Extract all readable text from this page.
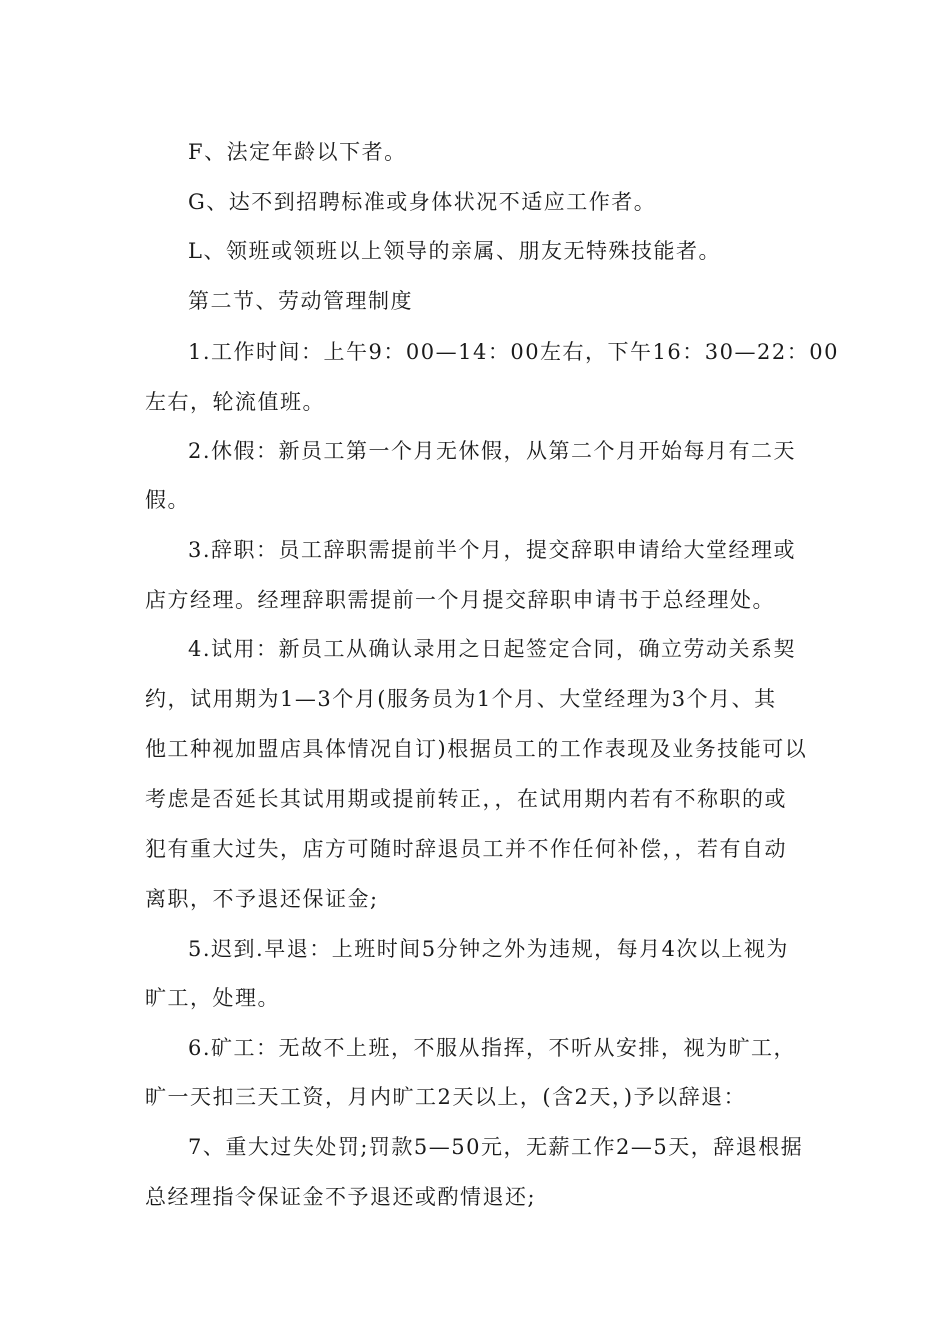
F、法定年龄以下者。
G、达不到招聘标准或身体状况不适应工作者。
L、领班或领班以上领导的亲属、朋友无特殊技能者。
第二节、劳动管理制度
1.工作时间：上午9：00—14：00左右，下午16：30—22：00
左右，轮流值班。
2.休假：新员工第一个月无休假，从第二个月开始每月有二天
假。
3.辞职：员工辞职需提前半个月，提交辞职申请给大堂经理或
店方经理。经理辞职需提前一个月提交辞职申请书于总经理处。
4.试用：新员工从确认录用之日起签定合同，确立劳动关系契
约，试用期为1—3个月(服务员为1个月、大堂经理为3个月、其
他工种视加盟店具体情况自订)根据员工的工作表现及业务技能可以
考虑是否延长其试用期或提前转正，，在试用期内若有不称职的或
犯有重大过失，店方可随时辞退员工并不作任何补偿，，若有自动
离职，不予退还保证金;
5.迟到.早退：上班时间5分钟之外为违规，每月4次以上视为
旷工，处理。
6.矿工：无故不上班，不服从指挥，不听从安排，视为旷工，
旷一天扣三天工资，月内旷工2天以上，(含2天，)予以辞退：
7、重大过失处罚;罚款5—50元，无薪工作2—5天，辞退根据
总经理指令保证金不予退还或酌情退还;
